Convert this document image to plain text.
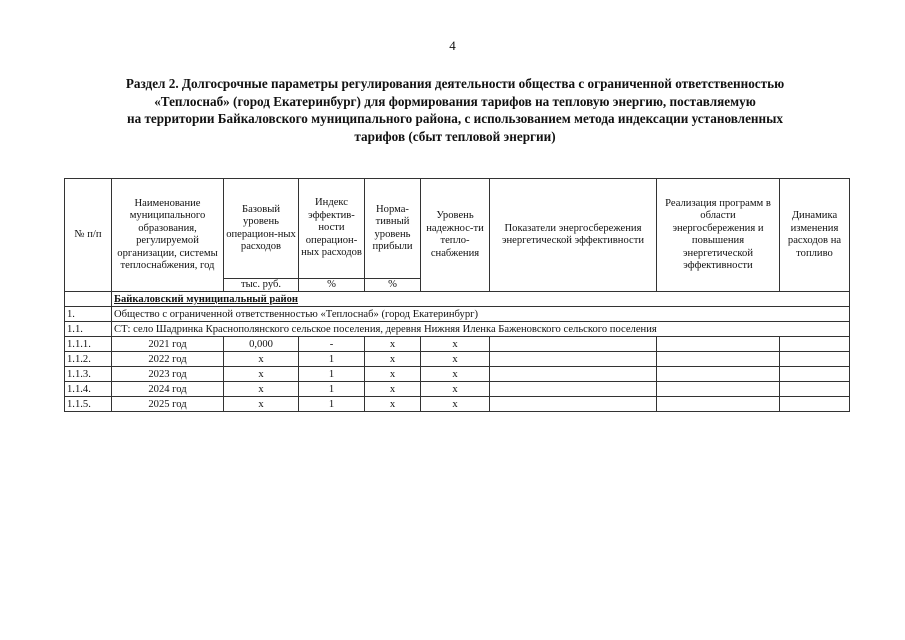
4
Раздел 2. Долгосрочные параметры регулирования деятельности общества с ограниченной ответственностью
«Теплоснаб» (город Екатеринбург) для формирования тарифов на тепловую энергию, поставляемую
на территории Байкаловского муниципального района, с использованием метода индексации установленных
тарифов (сбыт тепловой энергии)
№ п/п	Наименование муниципального образования, регулируемой организации, системы теплоснабжения, год	Базовый уровень операцион-ных расходов	Индекс эффектив-ности операцион-ных расходов	Норма-тивный уровень прибыли	Уровень надежнос-ти тепло-снабжения	Показатели энергосбережения энергетической эффективности	Реализация программ в области энергосбережения и повышения энергетической эффективности	Динамика изменения расходов на топливо
		тыс. руб.	%	%				
	Байкаловский муниципальный район							
1.	Общество с ограниченной ответственностью «Теплоснаб» (город Екатеринбург)							
1.1.	СТ: село Шадринка Краснополянского сельское поселения, деревня Нижняя Иленка Баженовского сельского поселения							
1.1.1.	2021 год	0,000	-	x	x			
1.1.2.	2022 год	x	1	x	x			
1.1.3.	2023 год	x	1	x	x			
1.1.4.	2024 год	x	1	x	x			
1.1.5.	2025 год	x	1	x	x			
